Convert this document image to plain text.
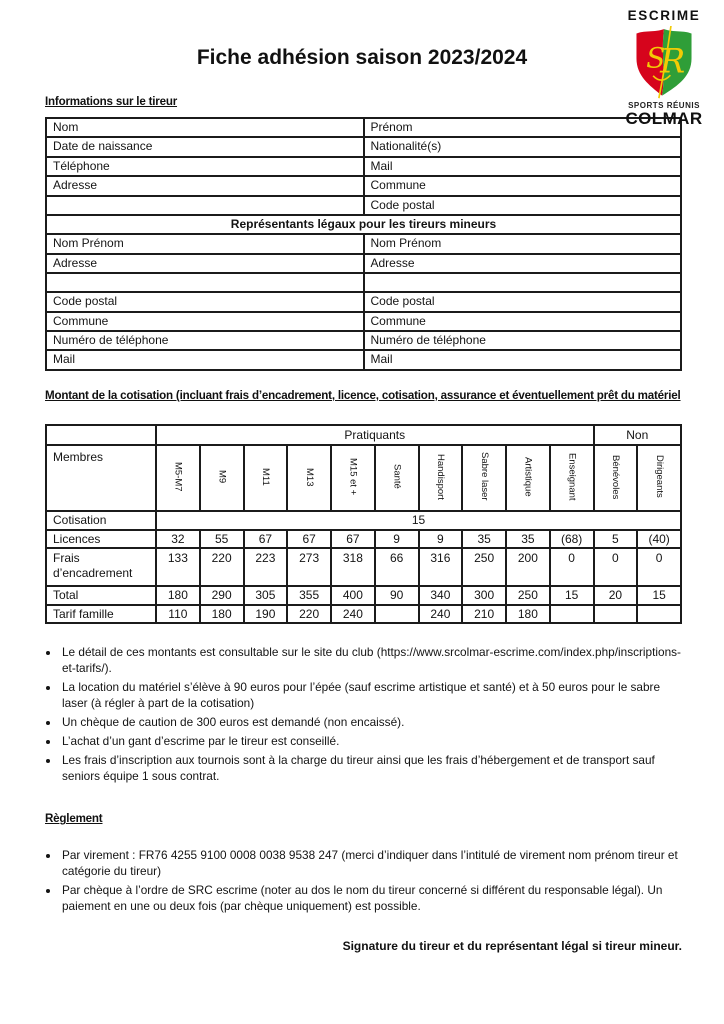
ESCRIME
S
R
SPORTS RÉUNIS
COLMAR
Fiche adhésion saison 2023/2024
Informations sur le tireur
Nom	Prénom
Date de naissance	Nationalité(s)
Téléphone	Mail
Adresse	Commune
	Code postal
Représentants légaux pour les tireurs mineurs	
Nom Prénom	Nom Prénom
Adresse	Adresse

Code postal	Code postal
Commune	Commune
Numéro de téléphone	Numéro de téléphone
Mail	Mail
Montant de la cotisation (incluant frais d’encadrement, licence, cotisation, assurance et éventuellement prêt du matériel
	Pratiquants										Non	
Membres	M5-M7	M9	M11	M13	M15 et +	Santé	Handisport	Sabre laser	Artistique	Enseignant	Bénévoles	Dirigeants
Cotisation	15											
Licences	32	55	67	67	67	9	9	35	35	(68)	5	(40)
Frais d’encadrement	133	220	223	273	318	66	316	250	200	0	0	0
Total	180	290	305	355	400	90	340	300	250	15	20	15
Tarif famille	110	180	190	220	240		240	210	180			
• Le détail de ces montants est consultable sur le site du club (https://www.srcolmar-escrime.com/index.php/inscriptions-et-tarifs/).
• La location du matériel s’élève à 90 euros pour l’épée (sauf escrime artistique et santé) et à 50 euros pour le sabre laser (à régler à part de la cotisation)
• Un chèque de caution de 300 euros est demandé (non encaissé).
• L’achat d’un gant d’escrime par le tireur est conseillé.
• Les frais d’inscription aux tournois sont à la charge du tireur ainsi que les frais d’hébergement et de transport sauf seniors équipe 1 sous contrat.
Règlement
• Par virement : FR76 4255 9100 0008 0038 9538 247 (merci d’indiquer dans l’intitulé de virement nom prénom tireur et catégorie du tireur)
• Par chèque à l’ordre de SRC escrime (noter au dos le nom du tireur concerné si différent du responsable légal). Un paiement en une ou deux fois (par chèque uniquement) est possible.
Signature du tireur et du représentant légal si tireur mineur.
